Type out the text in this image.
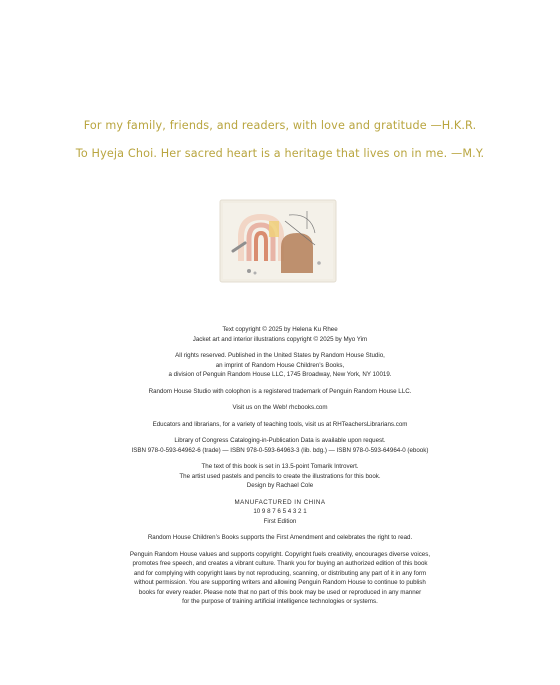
For my family, friends, and readers, with love and gratitude —H.K.R.

To Hyeja Choi. Her sacred heart is a heritage that lives on in me. —M.Y.

Text copyright © 2025 by Helena Ku Rhee
Jacket art and interior illustrations copyright © 2025 by Myo Yim
All rights reserved. Published in the United States by Random House Studio,
an imprint of Random House Children’s Books,
a division of Penguin Random House LLC, 1745 Broadway, New York, NY 10019.
Random House Studio with colophon is a registered trademark of Penguin Random House LLC.
Visit us on the Web! rhcbooks.com
Educators and librarians, for a variety of teaching tools, visit us at RHTeachersLibrarians.com
Library of Congress Cataloging-in-Publication Data is available upon request.
ISBN 978-0-593-64962-6 (trade) — ISBN 978-0-593-64963-3 (lib. bdg.) — ISBN 978-0-593-64964-0 (ebook)
The text of this book is set in 13.5-point Tomarik Introvert.
The artist used pastels and pencils to create the illustrations for this book.
Design by Rachael Cole
MANUFACTURED IN CHINA
10 9 8 7 6 5 4 3 2 1
First Edition
Random House Children’s Books supports the First Amendment and celebrates the right to read.
Penguin Random House values and supports copyright. Copyright fuels creativity, encourages diverse voices,
promotes free speech, and creates a vibrant culture. Thank you for buying an authorized edition of this book
and for complying with copyright laws by not reproducing, scanning, or distributing any part of it in any form
without permission. You are supporting writers and allowing Penguin Random House to continue to publish
books for every reader. Please note that no part of this book may be used or reproduced in any manner
for the purpose of training artificial intelligence technologies or systems.
